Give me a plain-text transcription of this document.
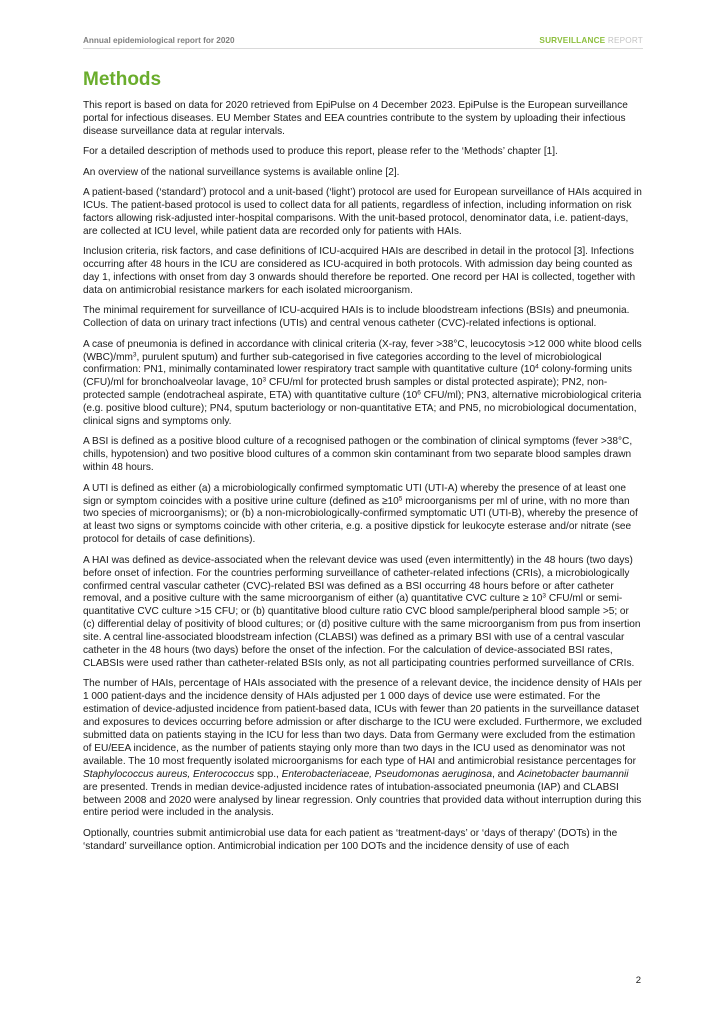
Annual epidemiological report for 2020	SURVEILLANCE REPORT
Methods

This report is based on data for 2020 retrieved from EpiPulse on 4 December 2023. EpiPulse is the European surveillance portal for infectious diseases. EU Member States and EEA countries contribute to the system by uploading their infectious disease surveillance data at regular intervals.

For a detailed description of methods used to produce this report, please refer to the ‘Methods’ chapter [1].

An overview of the national surveillance systems is available online [2].

A patient-based (‘standard’) protocol and a unit-based (‘light’) protocol are used for European surveillance of HAIs acquired in ICUs. The patient-based protocol is used to collect data for all patients, regardless of infection, including information on risk factors allowing risk-adjusted inter-hospital comparisons. With the unit-based protocol, denominator data, i.e. patient-days, are collected at ICU level, while patient data are recorded only for patients with HAIs.

Inclusion criteria, risk factors, and case definitions of ICU-acquired HAIs are described in detail in the protocol [3]. Infections occurring after 48 hours in the ICU are considered as ICU-acquired in both protocols. With admission day being counted as day 1, infections with onset from day 3 onwards should therefore be reported. One record per HAI is collected, together with data on antimicrobial resistance markers for each isolated microorganism.

The minimal requirement for surveillance of ICU-acquired HAIs is to include bloodstream infections (BSIs) and pneumonia. Collection of data on urinary tract infections (UTIs) and central venous catheter (CVC)-related infections is optional.

A case of pneumonia is defined in accordance with clinical criteria (X-ray, fever >38°C, leucocytosis >12 000 white blood cells $(WBC)/mm^3$, purulent sputum) and further sub-categorised in five categories according to the level of microbiological confirmation: PN1, minimally contaminated lower respiratory tract sample with quantitative culture ($10^4$ colony-forming units (CFU)/ml for bronchoalveolar lavage, $10^3$ CFU/ml for protected brush samples or distal protected aspirate); PN2, non-protected sample (endotracheal aspirate, ETA) with quantitative culture ($10^6$ CFU/ml); PN3, alternative microbiological criteria (e.g. positive blood culture); PN4, sputum bacteriology or non-quantitative ETA; and PN5, no microbiological documentation, clinical signs and symptoms only.

A BSI is defined as a positive blood culture of a recognised pathogen or the combination of clinical symptoms (fever >38°C, chills, hypotension) and two positive blood cultures of a common skin contaminant from two separate blood samples drawn within 48 hours.

A UTI is defined as either (a) a microbiologically confirmed symptomatic UTI (UTI-A) whereby the presence of at least one sign or symptom coincides with a positive urine culture (defined as $\ge 10^5$ microorganisms per ml of urine, with no more than two species of microorganisms); or (b) a non-microbiologically-confirmed symptomatic UTI (UTI-B), whereby the presence of at least two signs or symptoms coincide with other criteria, e.g. a positive dipstick for leukocyte esterase and/or nitrate (see protocol for details of case definitions).

A HAI was defined as device-associated when the relevant device was used (even intermittently) in the 48 hours (two days) before onset of infection. For the countries performing surveillance of catheter-related infections (CRIs), a microbiologically confirmed central vascular catheter (CVC)-related BSI was defined as a BSI occurring 48 hours before or after catheter removal, and a positive culture with the same microorganism of either (a) quantitative CVC culture ≥ $10^3$ CFU/ml or semi-quantitative CVC culture >15 CFU; or (b) quantitative blood culture ratio CVC blood sample/peripheral blood sample >5; or (c) differential delay of positivity of blood cultures; or (d) positive culture with the same microorganism from pus from insertion site. A central line-associated bloodstream infection (CLABSI) was defined as a primary BSI with use of a central vascular catheter in the 48 hours (two days) before the onset of the infection. For the calculation of device-associated BSI rates, CLABSIs were used rather than catheter-related BSIs only, as not all participating countries performed surveillance of CRIs.

The number of HAIs, percentage of HAIs associated with the presence of a relevant device, the incidence density of HAIs per 1 000 patient-days and the incidence density of HAIs adjusted per 1 000 days of device use were estimated. For the estimation of device-adjusted incidence from patient-based data, ICUs with fewer than 20 patients in the surveillance dataset and exposures to devices occurring before admission or after discharge to the ICU were excluded. Furthermore, we excluded submitted data on patients staying in the ICU for less than two days. Data from Germany were excluded from the estimation of EU/EEA incidence, as the number of patients staying only more than two days in the ICU used as denominator was not available. The 10 most frequently isolated microorganisms for each type of HAI and antimicrobial resistance percentages for Staphylococcus aureus, Enterococcus spp., Enterobacteriaceae, Pseudomonas aeruginosa, and Acinetobacter baumannii are presented. Trends in median device-adjusted incidence rates of intubation-associated pneumonia (IAP) and CLABSI between 2008 and 2020 were analysed by linear regression. Only countries that provided data without interruption during this entire period were included in the analysis.

Optionally, countries submit antimicrobial use data for each patient as ‘treatment-days’ or ‘days of therapy’ (DOTs) in the ‘standard’ surveillance option. Antimicrobial indication per 100 DOTs and the incidence density of use of each

2
